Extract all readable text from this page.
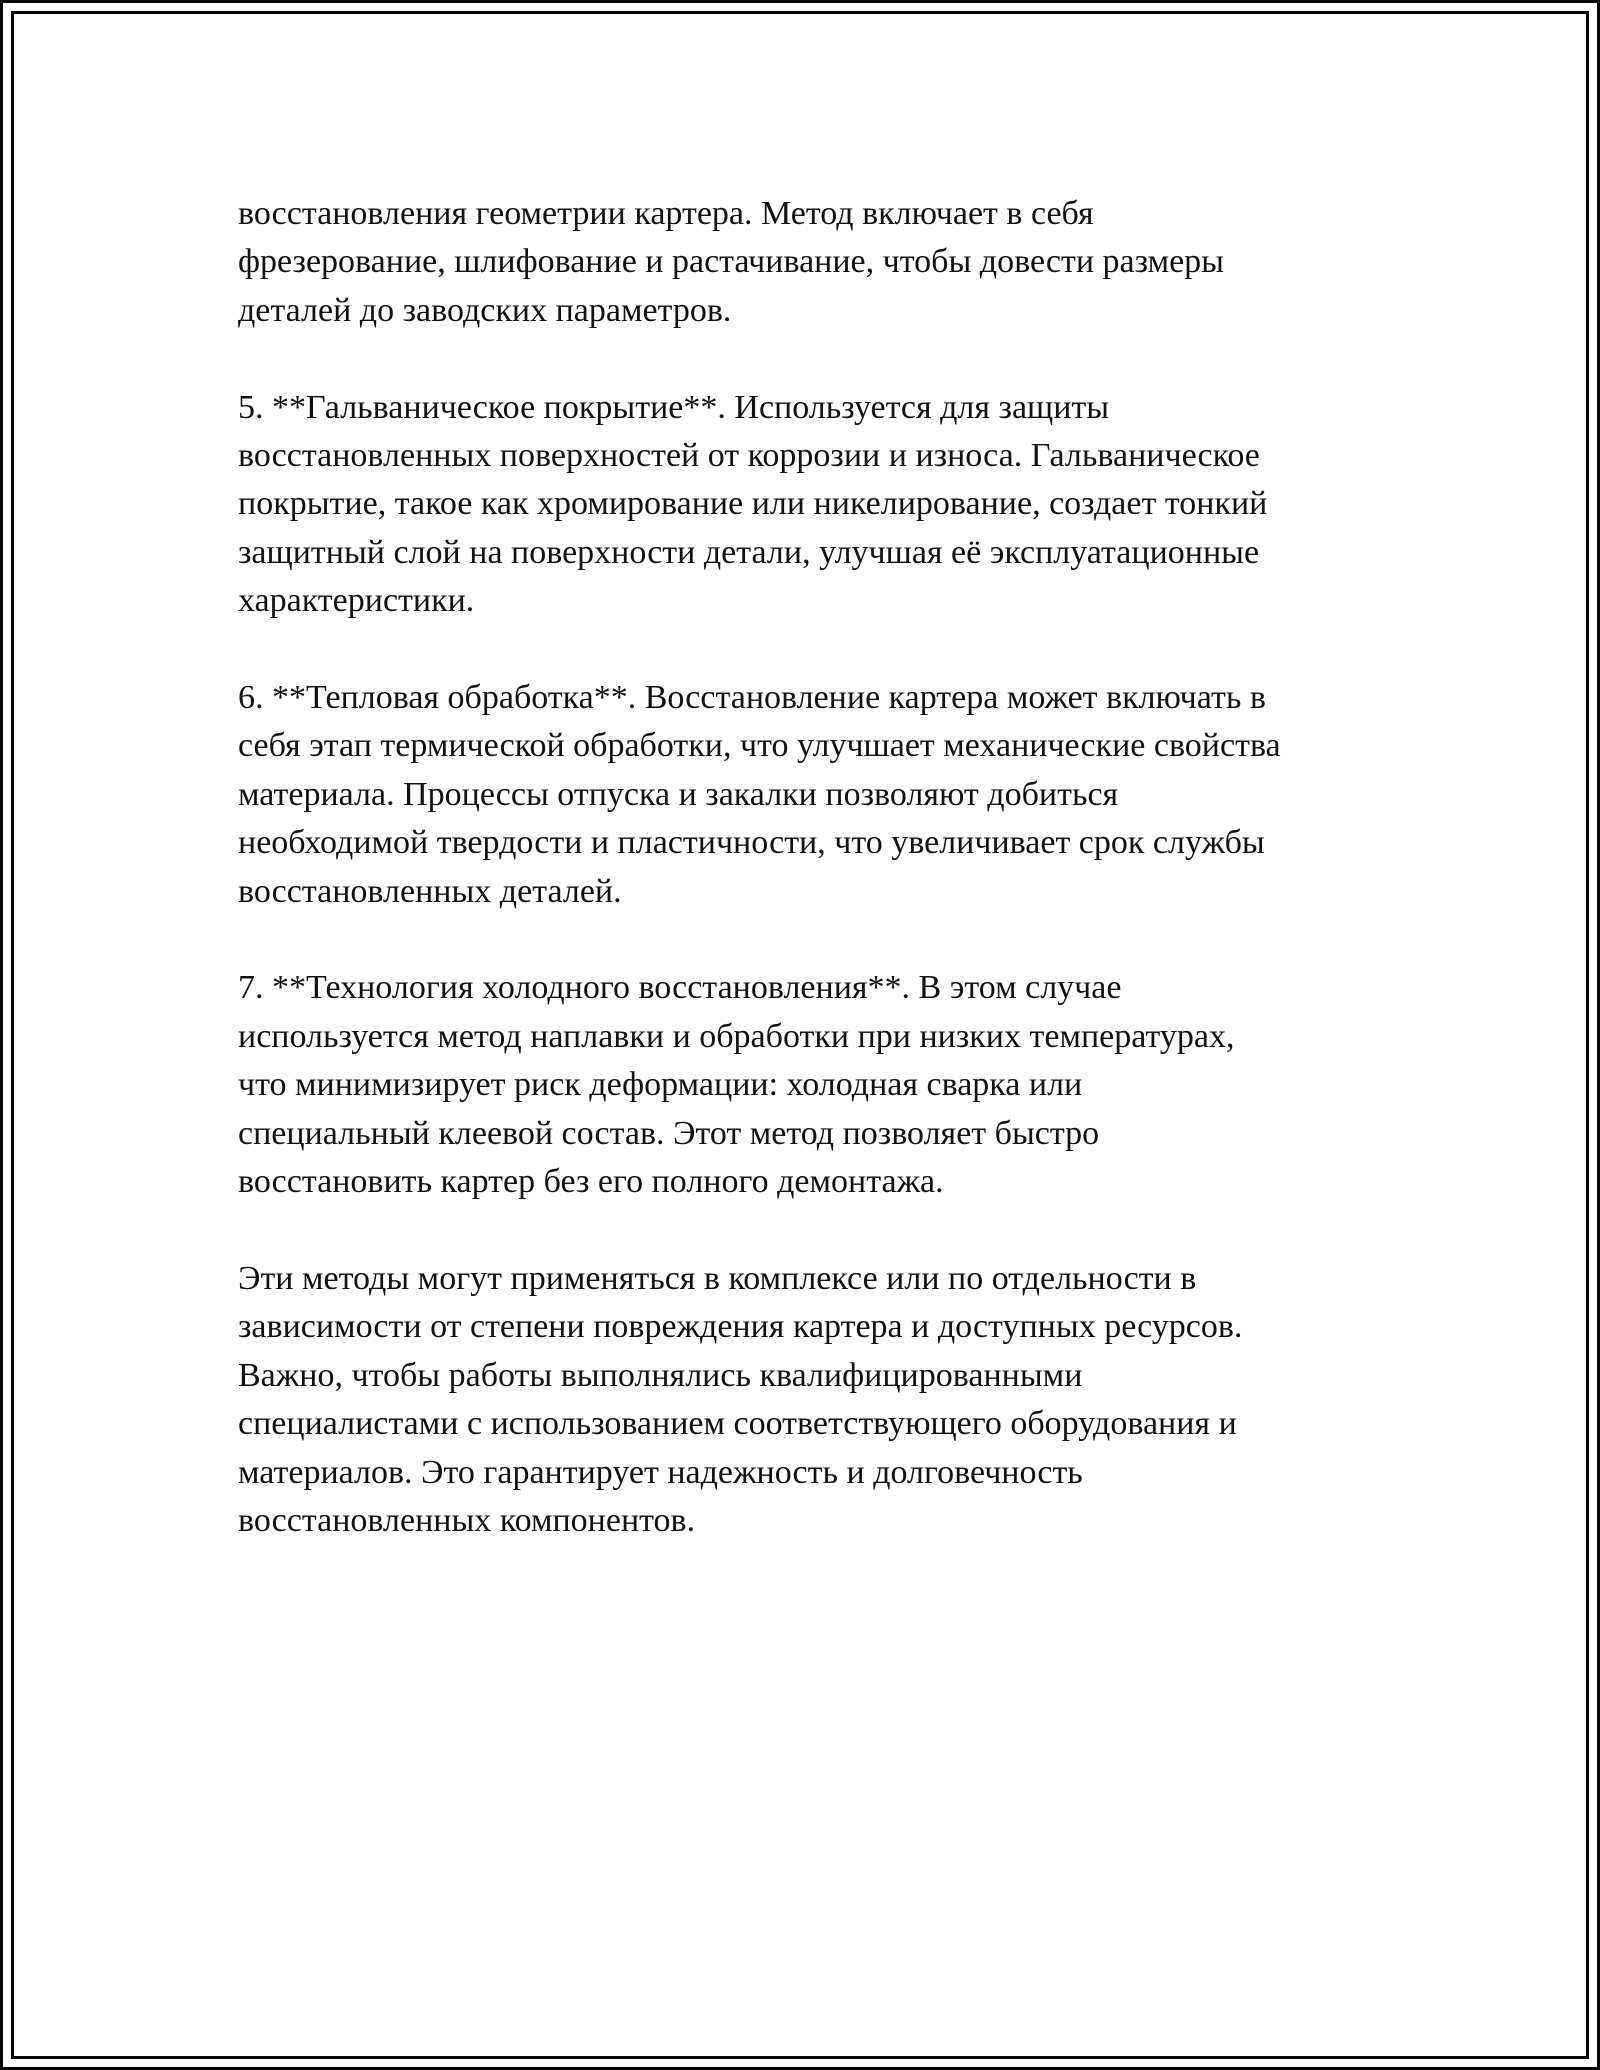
восстановления геометрии картера. Метод включает в себя
фрезерование, шлифование и растачивание, чтобы довести размеры
деталей до заводских параметров.

5. **Гальваническое покрытие**. Используется для защиты
восстановленных поверхностей от коррозии и износа. Гальваническое
покрытие, такое как хромирование или никелирование, создает тонкий
защитный слой на поверхности детали, улучшая её эксплуатационные
характеристики.

6. **Тепловая обработка**. Восстановление картера может включать в
себя этап термической обработки, что улучшает механические свойства
материала. Процессы отпуска и закалки позволяют добиться
необходимой твердости и пластичности, что увеличивает срок службы
восстановленных деталей.

7. **Технология холодного восстановления**. В этом случае
используется метод наплавки и обработки при низких температурах,
что минимизирует риск деформации: холодная сварка или
специальный клеевой состав. Этот метод позволяет быстро
восстановить картер без его полного демонтажа.

Эти методы могут применяться в комплексе или по отдельности в
зависимости от степени повреждения картера и доступных ресурсов.
Важно, чтобы работы выполнялись квалифицированными
специалистами с использованием соответствующего оборудования и
материалов. Это гарантирует надежность и долговечность
восстановленных компонентов.
